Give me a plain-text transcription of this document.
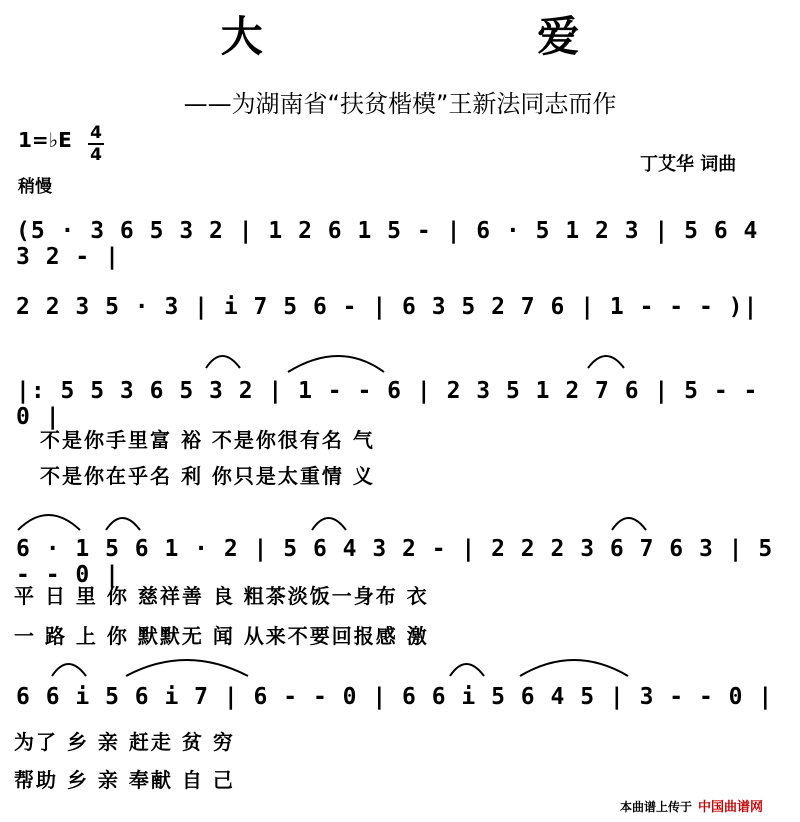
大 爱
——为湖南省“扶贫楷模”王新法同志而作
1=♭E 4
4
稍慢
丁艾华 词曲
(5 · 3 6 5 3 2 | 1 2 6 1 5 - | 6 · 5 1 2 3 | 5 6 4 3 2 - |
2 2 3 5 · 3 | i 7 5 6 - | 6 3 5 2 7 6 | 1 - - - )|
|: 5 5 3 6 5 3 2 | 1 - - 6 | 2 3 5 1 2 7 6 | 5 - - 0 |
不是你手里富 裕 不是你很有名 气
不是你在乎名 利 你只是太重情 义
6 · 1 5 6 1 · 2 | 5 6 4 3 2 - | 2 2 2 3 6 7 6 3 | 5 - - 0 |
平 日 里 你 慈祥善 良 粗茶淡饭一身布 衣
一 路 上 你 默默无 闻 从来不要回报感 激
6 6 i 5 6 i 7 | 6 - - 0 | 6 6 i 5 6 4 5 | 3 - - 0 |
为了 乡 亲 赶走 贫 穷
帮助 乡 亲 奉献 自 己
本曲谱上传于 中国曲谱网
